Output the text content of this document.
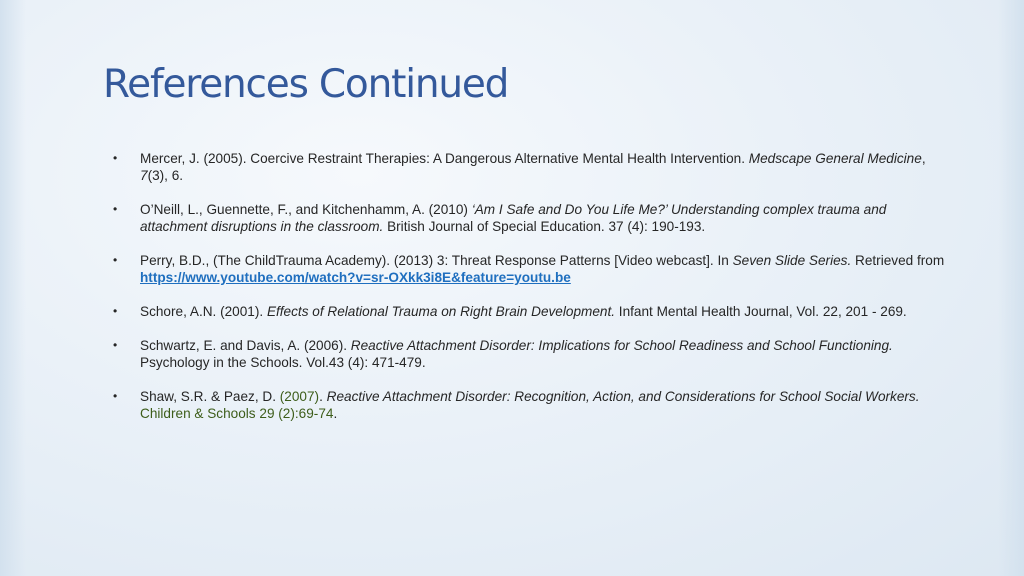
References Continued
• Mercer, J. (2005). Coercive Restraint Therapies: A Dangerous Alternative Mental Health Intervention. Medscape General Medicine, 7(3), 6.
• O’Neill, L., Guennette, F., and Kitchenhamm, A. (2010) ‘Am I Safe and Do You Life Me?’ Understanding complex trauma and attachment disruptions in the classroom. British Journal of Special Education. 37 (4): 190-193.
• Perry, B.D., (The ChildTrauma Academy). (2013) 3: Threat Response Patterns [Video webcast]. In Seven Slide Series. Retrieved from https://www.youtube.com/watch?v=sr-OXkk3i8E&feature=youtu.be
• Schore, A.N. (2001). Effects of Relational Trauma on Right Brain Development. Infant Mental Health Journal, Vol. 22, 201 - 269.
• Schwartz, E. and Davis, A. (2006). Reactive Attachment Disorder: Implications for School Readiness and School Functioning. Psychology in the Schools. Vol.43 (4): 471-479.
• Shaw, S.R. & Paez, D. (2007). Reactive Attachment Disorder: Recognition, Action, and Considerations for School Social Workers. Children & Schools 29 (2):69-74.
